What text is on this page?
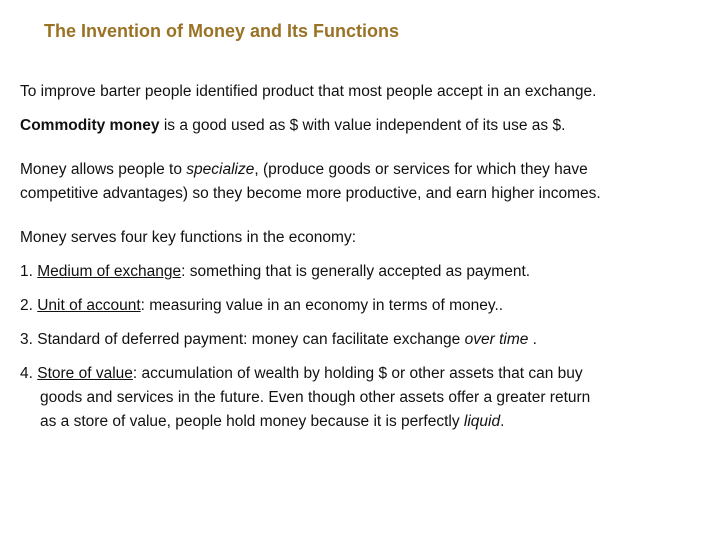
The Invention of Money and Its Functions

To improve barter people identified product that most people accept in an exchange.

Commodity money is a good used as $ with value independent of its use as $.

Money allows people to specialize, (produce goods or services for which they have

competitive advantages) so they become more productive, and earn higher incomes.

Money serves four key functions in the economy:

1. Medium of exchange: something that is generally accepted as payment.

2. Unit of account: measuring value in an economy in terms of money..

3. Standard of deferred payment: money can facilitate exchange over time .

4. Store of value: accumulation of wealth by holding $ or other assets that can buy

goods and services in the future. Even though other assets offer a greater return

as a store of value, people hold money because it is perfectly liquid.
